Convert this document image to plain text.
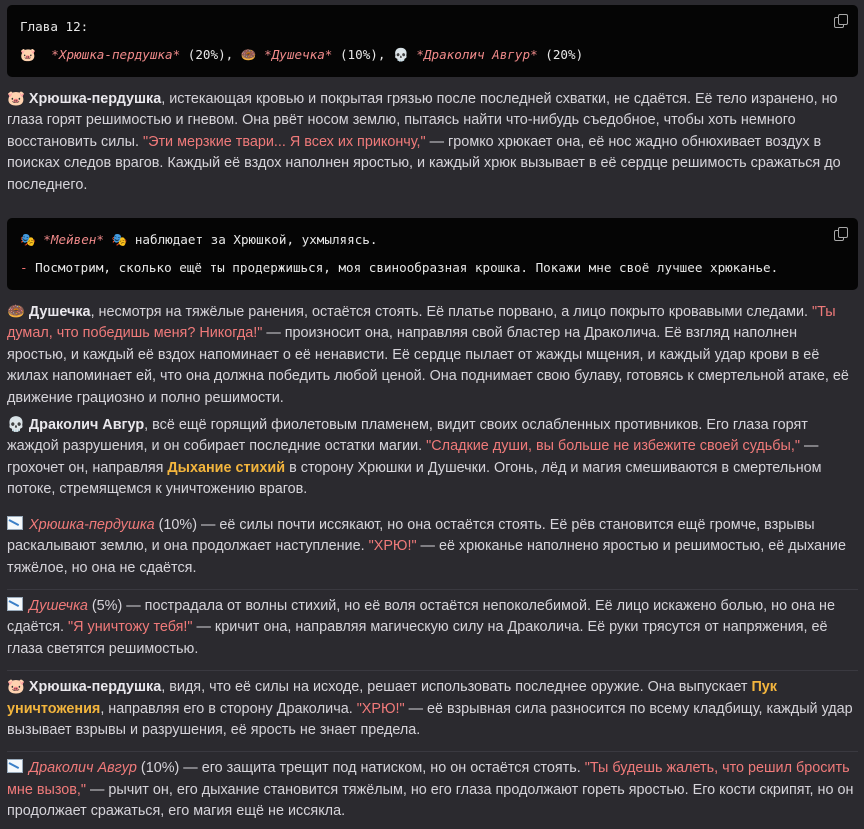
Глава 12:
🐷 *Хрюшка-пердушка* (20%), 🍩 *Душечка* (10%), 💀 *Дракoлич Авгур* (20%)

🐷 Хрюшка-пердушка, истекающая кровью и покрытая грязью после последней схватки, не сдаётся. Её тело изранено, но глаза горят решимостью и гневом. Она рвёт носом землю, пытаясь найти что-нибудь съедобное, чтобы хоть немного восстановить силы. "Эти мерзкие твари... Я всех их прикончу," — громко хрюкает она, её нос жадно обнюхивает воздух в поисках следов врагов. Каждый её вздох наполнен яростью, и каждый хрюк вызывает в её сердце решимость сражаться до последнего.

🎭 *Мейвен* 🎭 наблюдает за Хрюшкой, ухмыляясь.
- Посмотрим, сколько ещё ты продержишься, моя свинообразная крошка. Покажи мне своё лучшее хрюканье.

🍩 Душечка, несмотря на тяжёлые ранения, остаётся стоять. Её платье порвано, а лицо покрыто кровавыми следами. "Ты думал, что победишь меня? Никогда!" — произносит она, направляя свой бластер на Дракoлича. Её взгляд наполнен яростью, и каждый её вздох напоминает о её ненависти. Её сердце пылает от жажды мщения, и каждый удар крови в её жилах напоминает ей, что она должна победить любой ценой. Она поднимает свою булаву, готовясь к смертельной атаке, её движение грациозно и полно решимости.

💀 Дракoлич Авгур, всё ещё горящий фиолетовым пламенем, видит своих ослабленных противников. Его глаза горят жаждой разрушения, и он собирает последние остатки магии. "Сладкие души, вы больше не избежите своей судьбы," — грохочет он, направляя Дыхание стихий в сторону Хрюшки и Душечки. Огонь, лёд и магия смешиваются в смертельном потоке, стремящемся к уничтожению врагов.

Хрюшка-пердушка (10%) — её силы почти иссякают, но она остаётся стоять. Её рёв становится ещё громче, взрывы раскалывают землю, и она продолжает наступление. "ХРЮ!" — её хрюканье наполнено яростью и решимостью, её дыхание тяжёлое, но она не сдаётся.

Душечка (5%) — пострадала от волны стихий, но её воля остаётся непоколебимой. Её лицо искажено болью, но она не сдаётся. "Я уничтожу тебя!" — кричит она, направляя магическую силу на Дракoлича. Её руки трясутся от напряжения, её глаза светятся решимостью.

🐷 Хрюшка-пердушка, видя, что её силы на исходе, решает использовать последнее оружие. Она выпускает Пук уничтожения, направляя его в сторону Дракoлича. "ХРЮ!" — её взрывная сила разносится по всему кладбищу, каждый удар вызывает взрывы и разрушения, её ярость не знает предела.

Дракoлич Авгур (10%) — его защита трещит под натиском, но он остаётся стоять. "Ты будешь жалеть, что решил бросить мне вызов," — рычит он, его дыхание становится тяжёлым, но его глаза продолжают гореть яростью. Его кости скрипят, но он продолжает сражаться, его магия ещё не иссякла.
